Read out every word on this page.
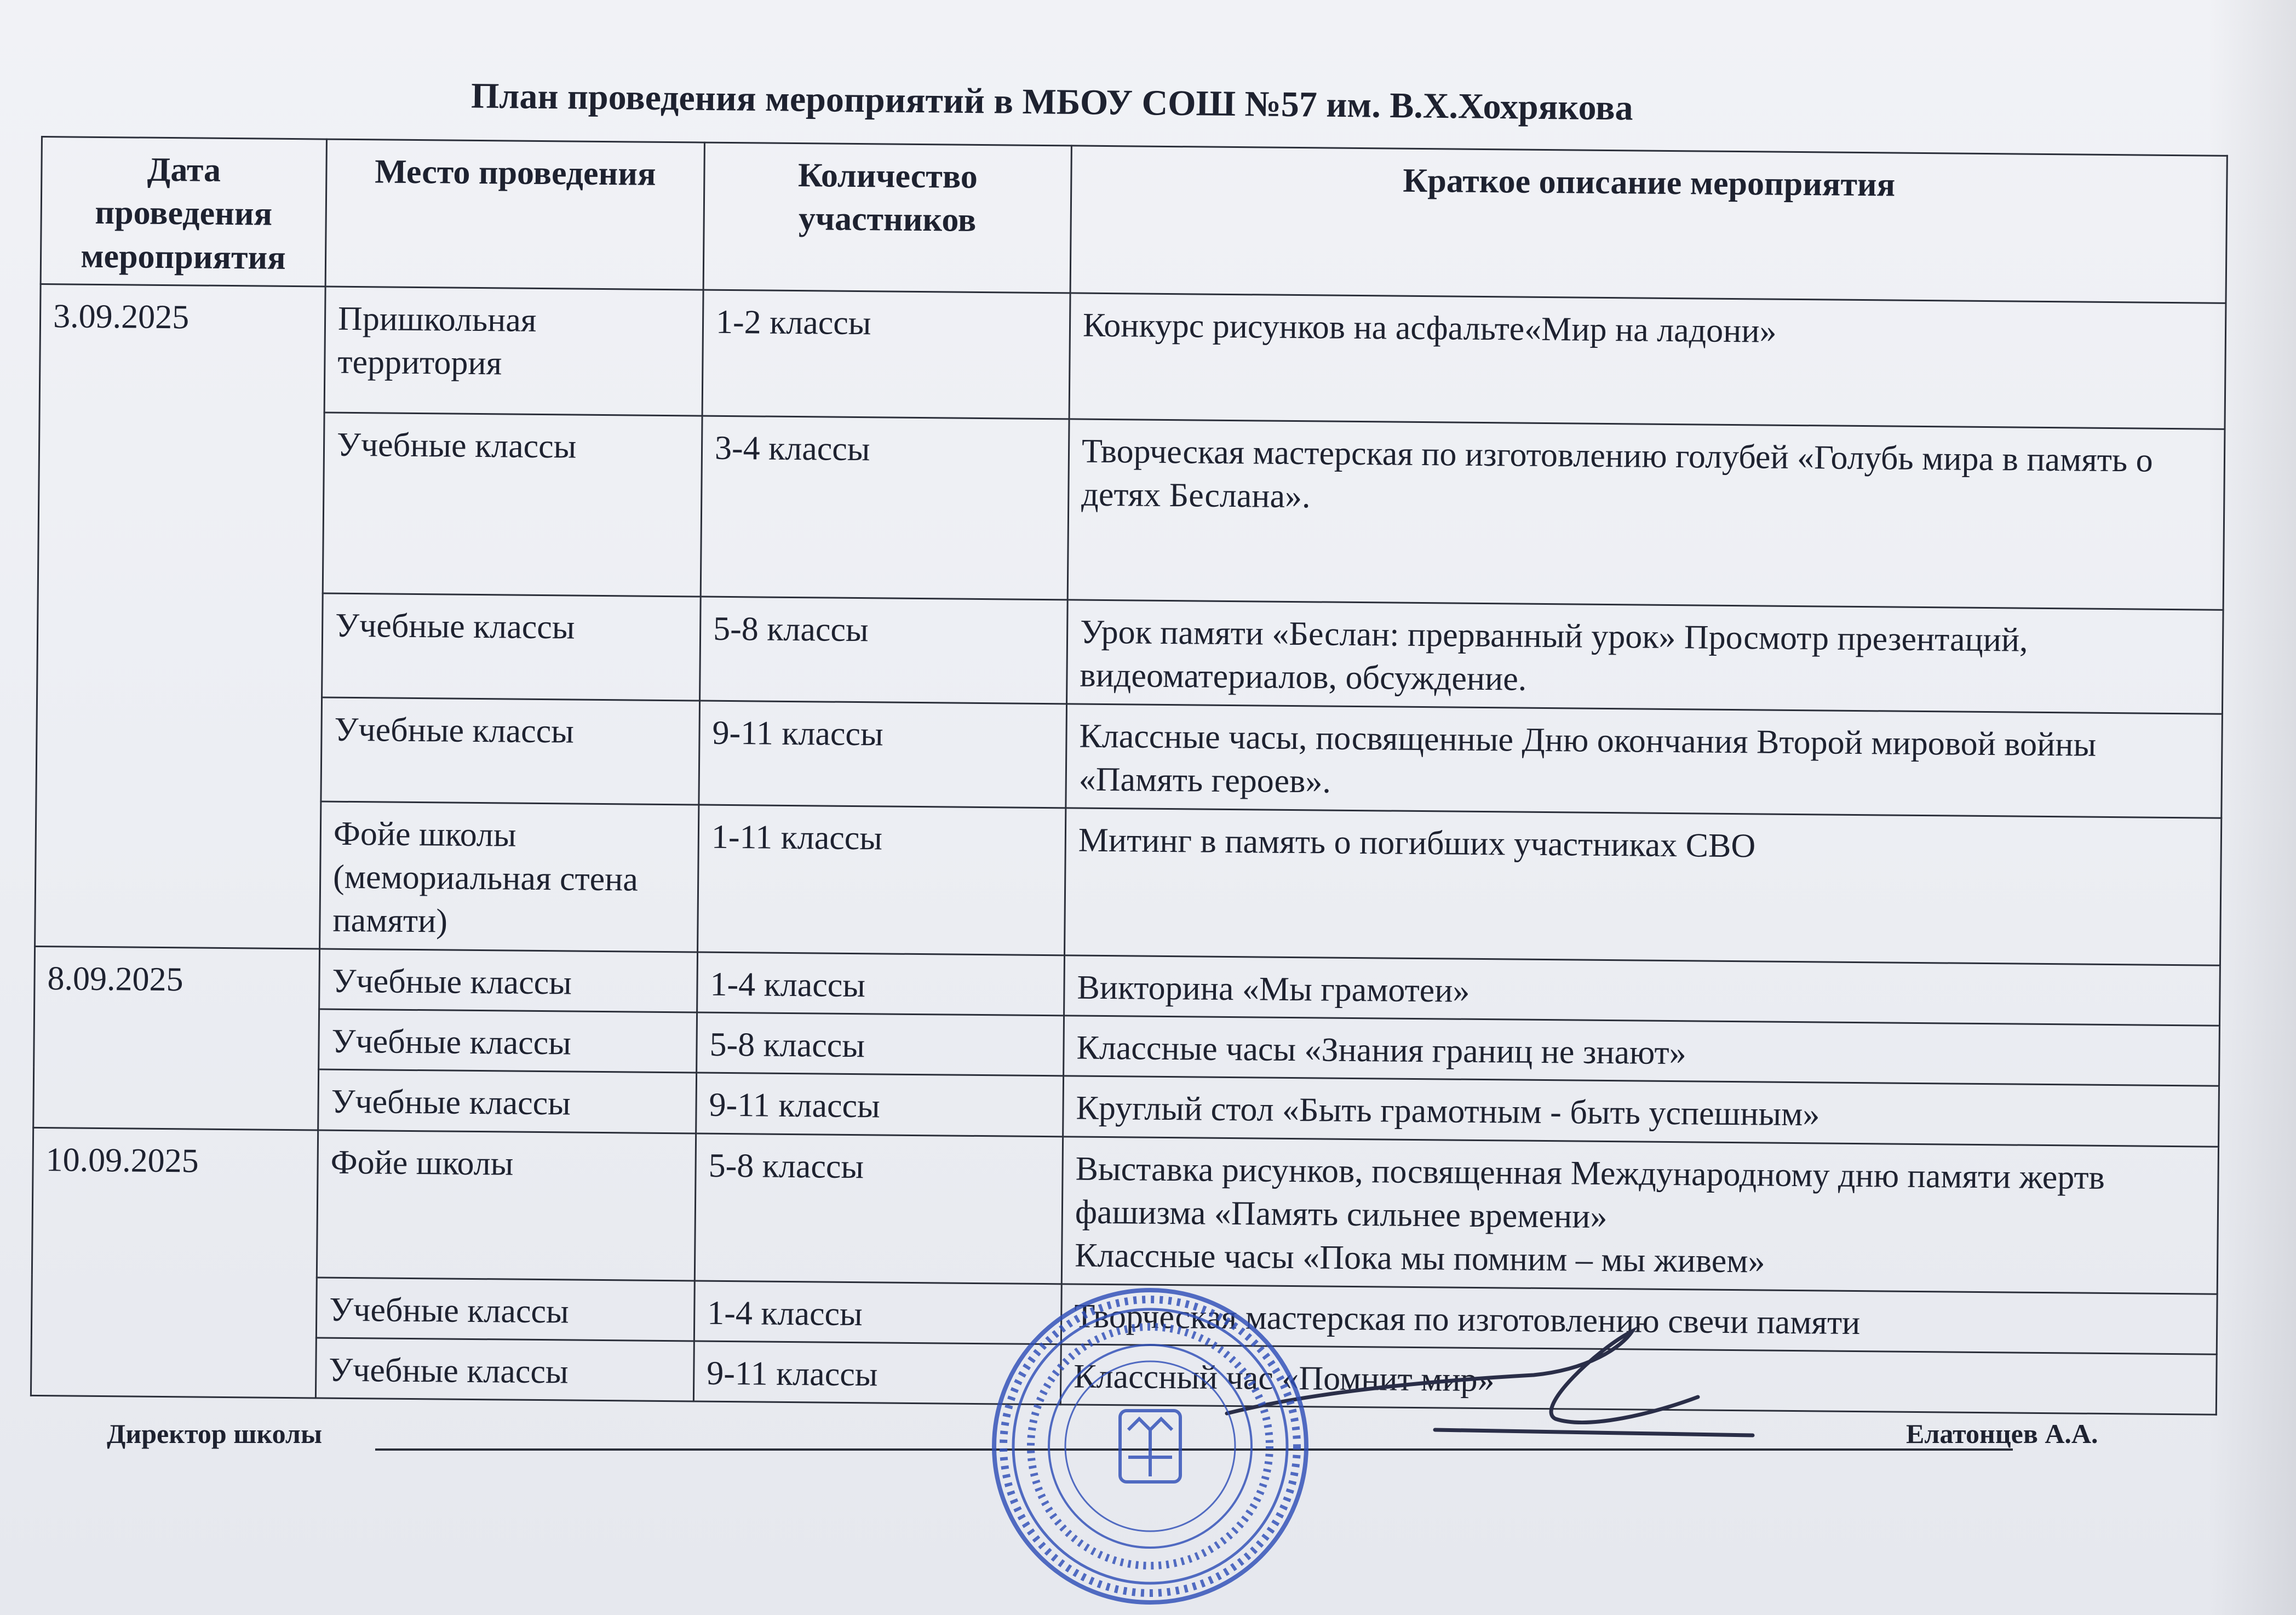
План проведения мероприятий в МБОУ СОШ №57 им. В.Х.Хохрякова
Дата проведения мероприятия	Место проведения	Количество участников	Краткое описание мероприятия
3.09.2025	Пришкольная территория	1-2 классы	Конкурс рисунков на асфальте«Мир на ладони»
	Учебные классы	3-4 классы	Творческая мастерская по изготовлению голубей «Голубь мира в память о детях Беслана».
	Учебные классы	5-8 классы	Урок памяти «Беслан: прерванный урок» Просмотр презентаций, видеоматериалов, обсуждение.
	Учебные классы	9-11 классы	Классные часы, посвященные Дню окончания Второй мировой войны «Память героев».
	Фойе школы (мемориальная стена памяти)	1-11 классы	Митинг в память о погибших участниках СВО
8.09.2025	Учебные классы	1-4 классы	Викторина «Мы грамотеи»
	Учебные классы	5-8 классы	Классные часы «Знания границ не знают»
	Учебные классы	9-11 классы	Круглый стол «Быть грамотным - быть успешным»
10.09.2025	Фойе школы	5-8 классы	Выставка рисунков, посвященная Международному дню памяти жертв фашизма «Память сильнее времени»
Классные часы «Пока мы помним – мы живем»

	Учебные классы	1-4 классы	Творческая мастерская по изготовлению свечи памяти
	Учебные классы	9-11 классы	Классный час «Помнит мир»
Директор школы	Елатонцев А.А.
